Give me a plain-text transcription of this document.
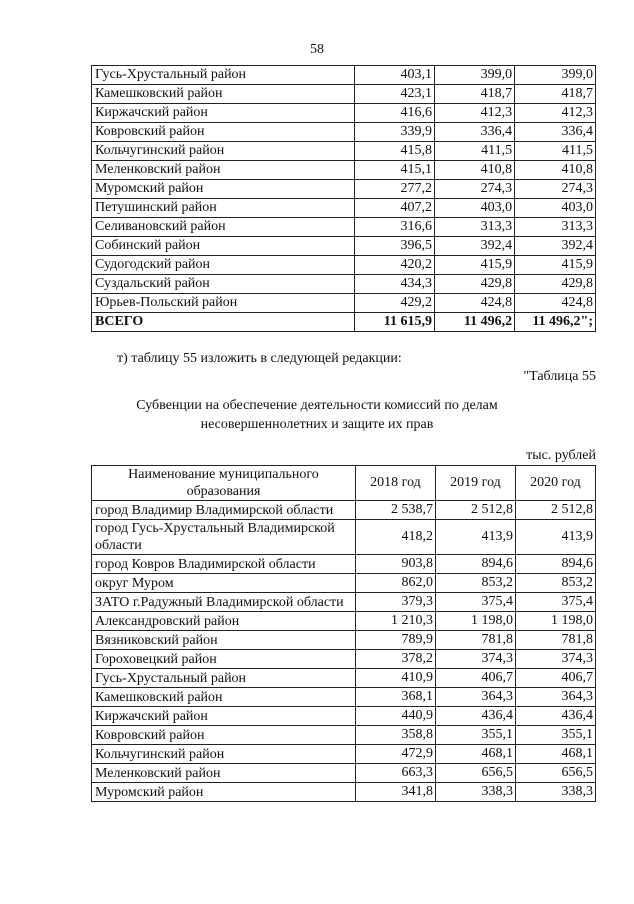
58
Гусь-Хрустальный район	403,1	399,0	399,0
Камешковский район	423,1	418,7	418,7
Киржачский район	416,6	412,3	412,3
Ковровский район	339,9	336,4	336,4
Кольчугинский район	415,8	411,5	411,5
Меленковский район	415,1	410,8	410,8
Муромский район	277,2	274,3	274,3
Петушинский район	407,2	403,0	403,0
Селивановский район	316,6	313,3	313,3
Собинский район	396,5	392,4	392,4
Судогодский район	420,2	415,9	415,9
Суздальский район	434,3	429,8	429,8
Юрьев-Польский район	429,2	424,8	424,8
ВСЕГО	11 615,9	11 496,2	11 496,2";
т) таблицу 55 изложить в следующей редакции:
"Таблица 55
Субвенции на обеспечение деятельности комиссий по делам
несовершеннолетних и защите их прав
тыс. рублей
Наименование муниципального образования	2018 год	2019 год	2020 год
город Владимир Владимирской области	2 538,7	2 512,8	2 512,8
город Гусь-Хрустальный Владимирской области	418,2	413,9	413,9
город Ковров Владимирской области	903,8	894,6	894,6
округ Муром	862,0	853,2	853,2
ЗАТО г.Радужный Владимирской области	379,3	375,4	375,4
Александровский район	1 210,3	1 198,0	1 198,0
Вязниковский район	789,9	781,8	781,8
Гороховецкий район	378,2	374,3	374,3
Гусь-Хрустальный район	410,9	406,7	406,7
Камешковский район	368,1	364,3	364,3
Киржачский район	440,9	436,4	436,4
Ковровский район	358,8	355,1	355,1
Кольчугинский район	472,9	468,1	468,1
Меленковский район	663,3	656,5	656,5
Муромский район	341,8	338,3	338,3
